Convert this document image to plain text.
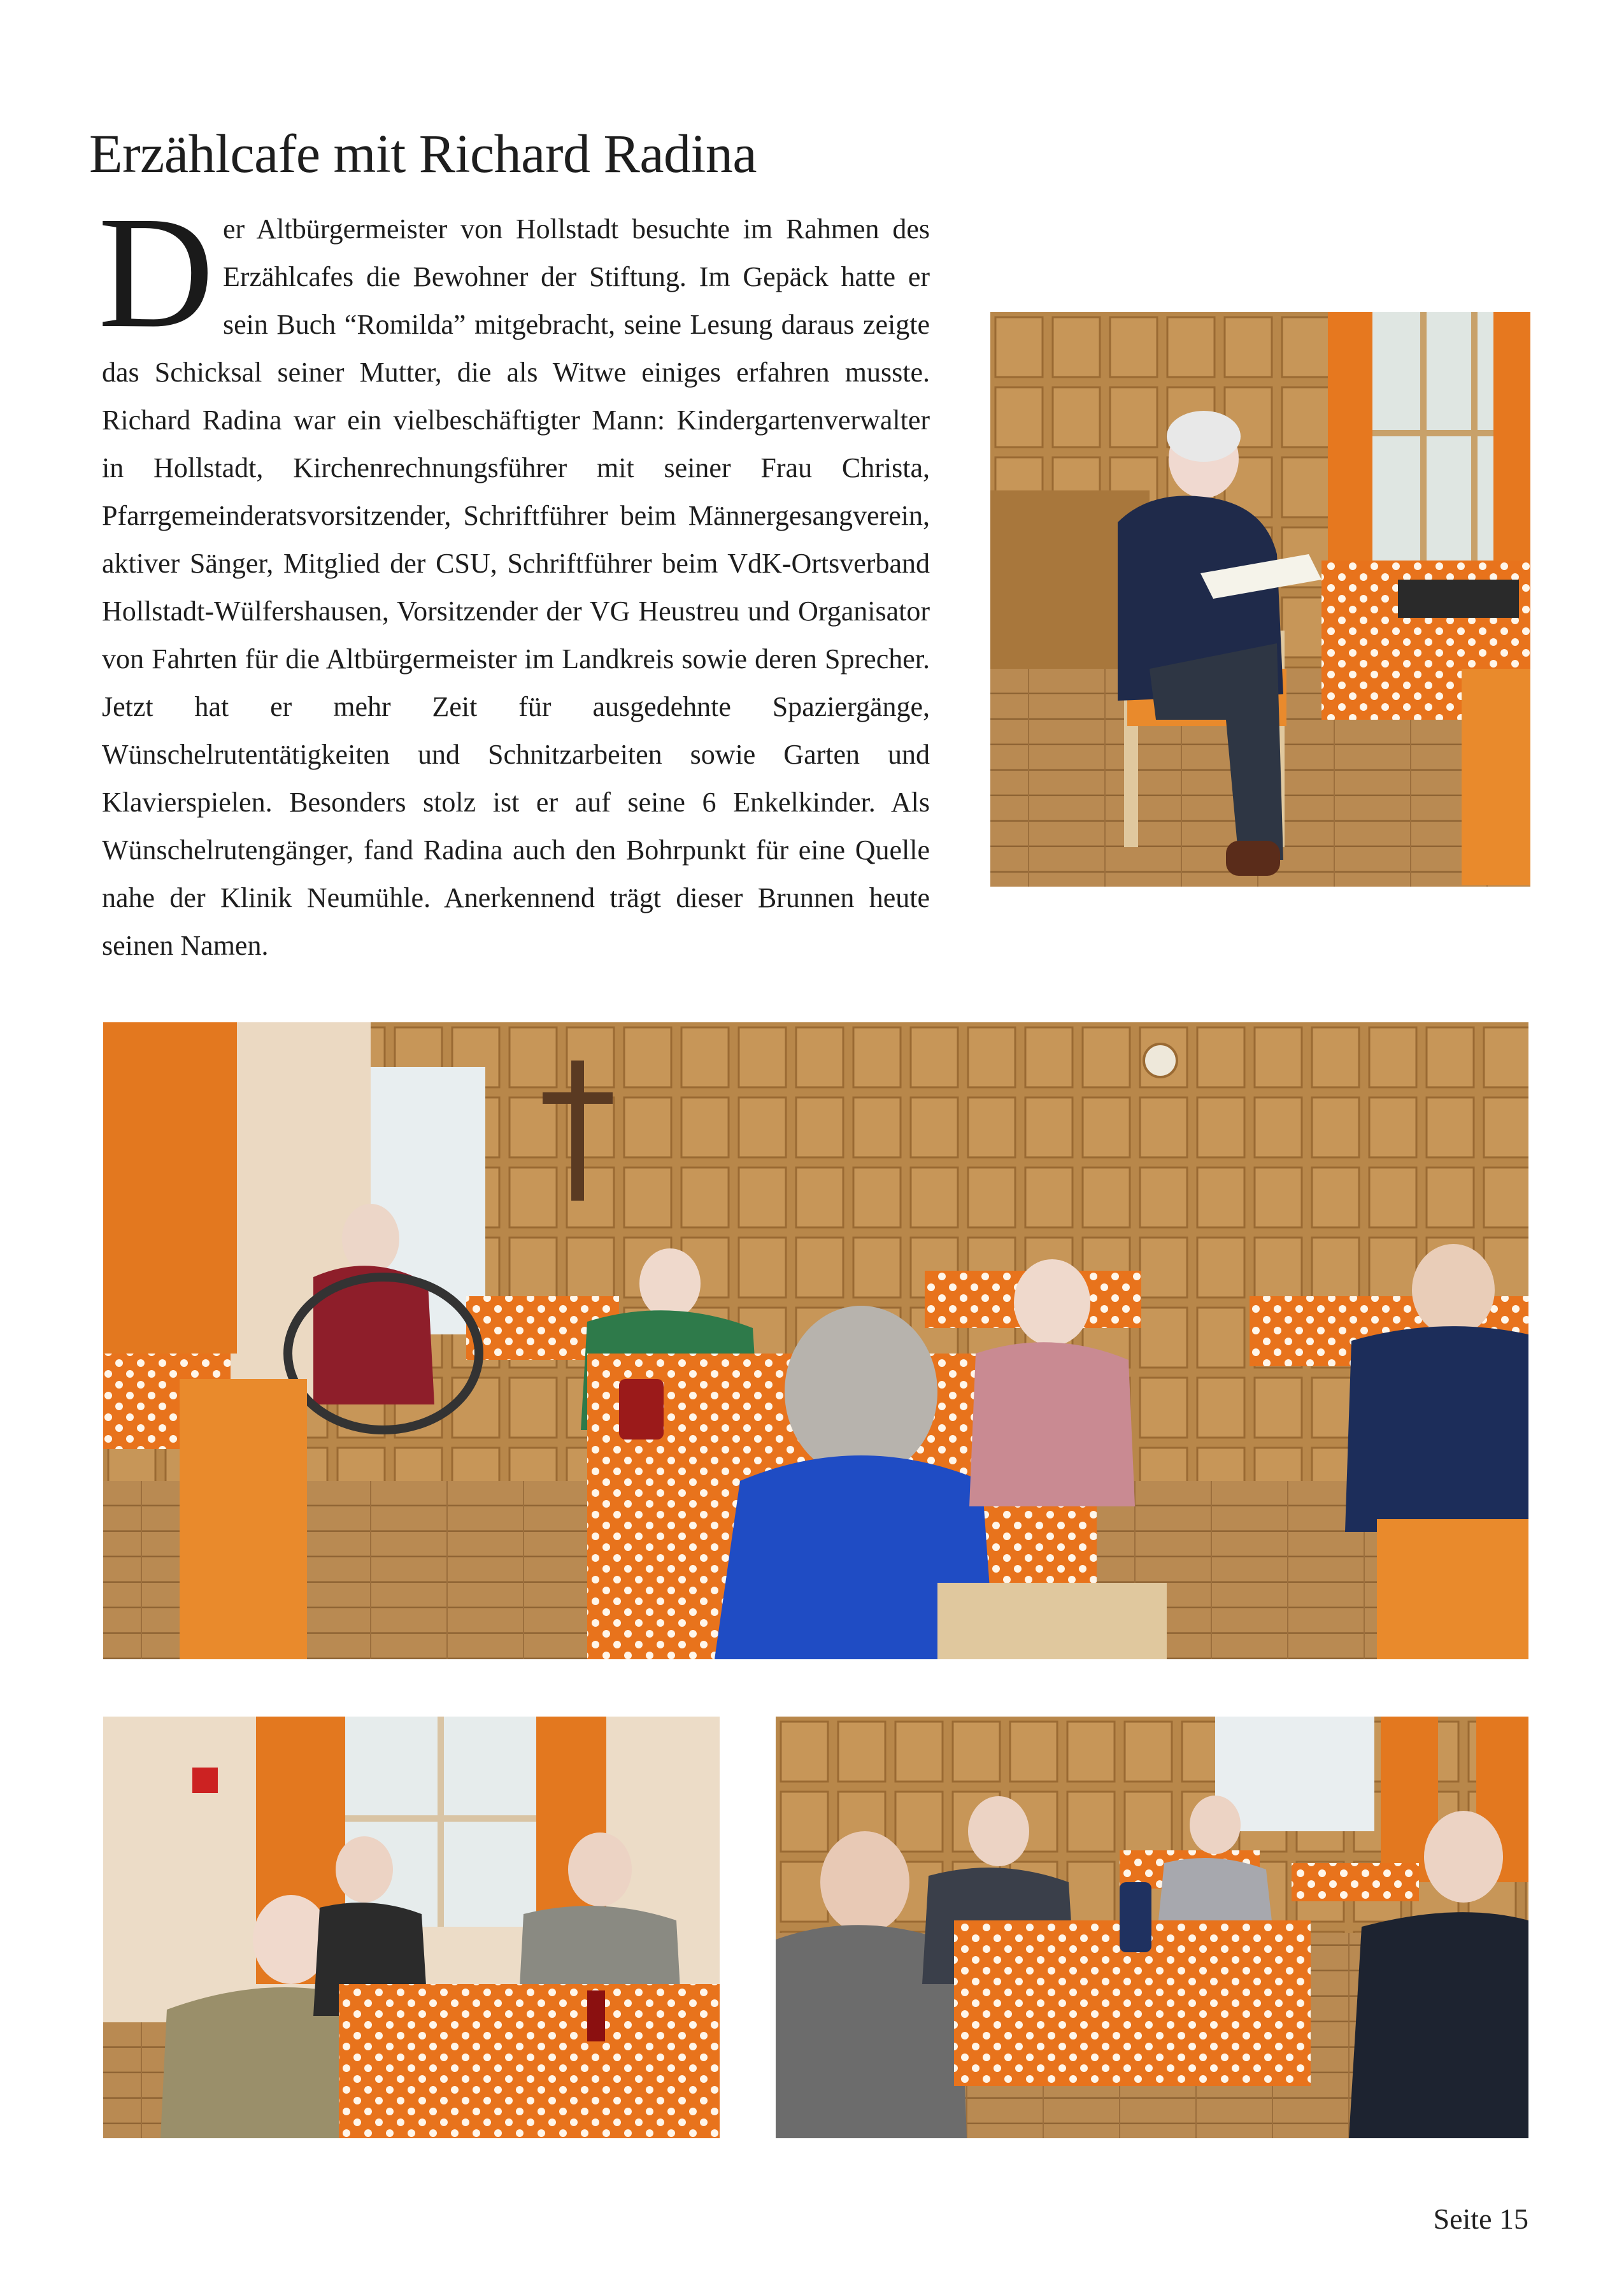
Erzählcafe mit Richard Radina

Der Altbürgermeister von Hollstadt besuchte im Rahmen des Erzählcafes die Bewohner der Stiftung. Im Gepäck hatte er sein Buch “Romilda” mitgebracht, seine Lesung daraus zeigte das Schicksal seiner Mutter, die als Witwe einiges erfahren musste. Richard Radina war ein vielbeschäftigter Mann: Kindergartenverwalter in Hollstadt, Kirchenrechnungsführer mit seiner Frau Christa, Pfarrgemeinderatsvorsitzender, Schriftführer beim Männergesangverein, aktiver Sänger, Mitglied der CSU, Schriftführer beim VdK-Ortsverband Hollstadt-Wülfershausen, Vorsitzender der VG Heustreu und Organisator von Fahrten für die Altbürgermeister im Landkreis sowie deren Sprecher. Jetzt hat er mehr Zeit für ausgedehnte Spaziergänge, Wünschelrutentätigkeiten und Schnitzarbeiten sowie Garten und Klavierspielen. Besonders stolz ist er auf seine 6 Enkelkinder. Als Wünschelrutengänger, fand Radina auch den Bohrpunkt für eine Quelle nahe der Klinik Neumühle. Anerkennend trägt dieser Brunnen heute seinen Namen.

Seite 15
